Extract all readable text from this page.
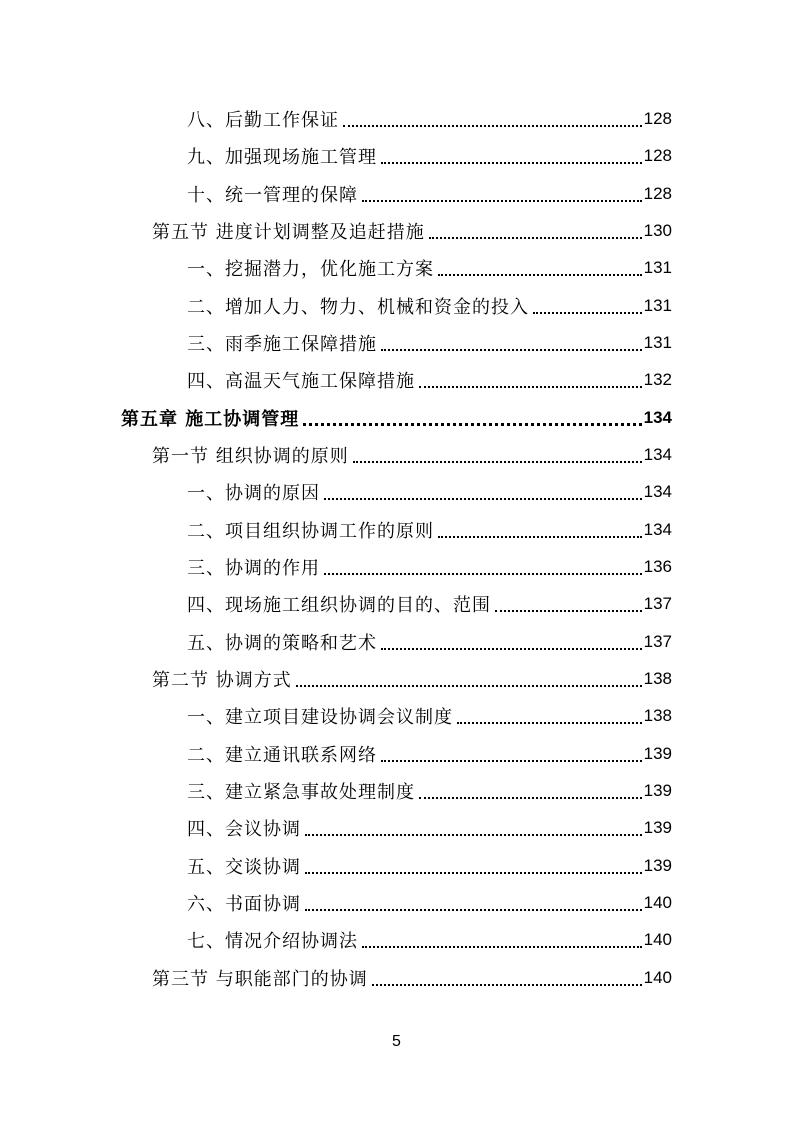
八、后勤工作保证	128
九、加强现场施工管理	128
十、统一管理的保障	128
第五节 进度计划调整及追赶措施	130
一、挖掘潜力，优化施工方案	131
二、增加人力、物力、机械和资金的投入	131
三、雨季施工保障措施	131
四、高温天气施工保障措施	132
第五章 施工协调管理	134
第一节 组织协调的原则	134
一、协调的原因	134
二、项目组织协调工作的原则	134
三、协调的作用	136
四、现场施工组织协调的目的、范围	137
五、协调的策略和艺术	137
第二节 协调方式	138
一、建立项目建设协调会议制度	138
二、建立通讯联系网络	139
三、建立紧急事故处理制度	139
四、会议协调	139
五、交谈协调	139
六、书面协调	140
七、情况介绍协调法	140
第三节 与职能部门的协调	140
5
